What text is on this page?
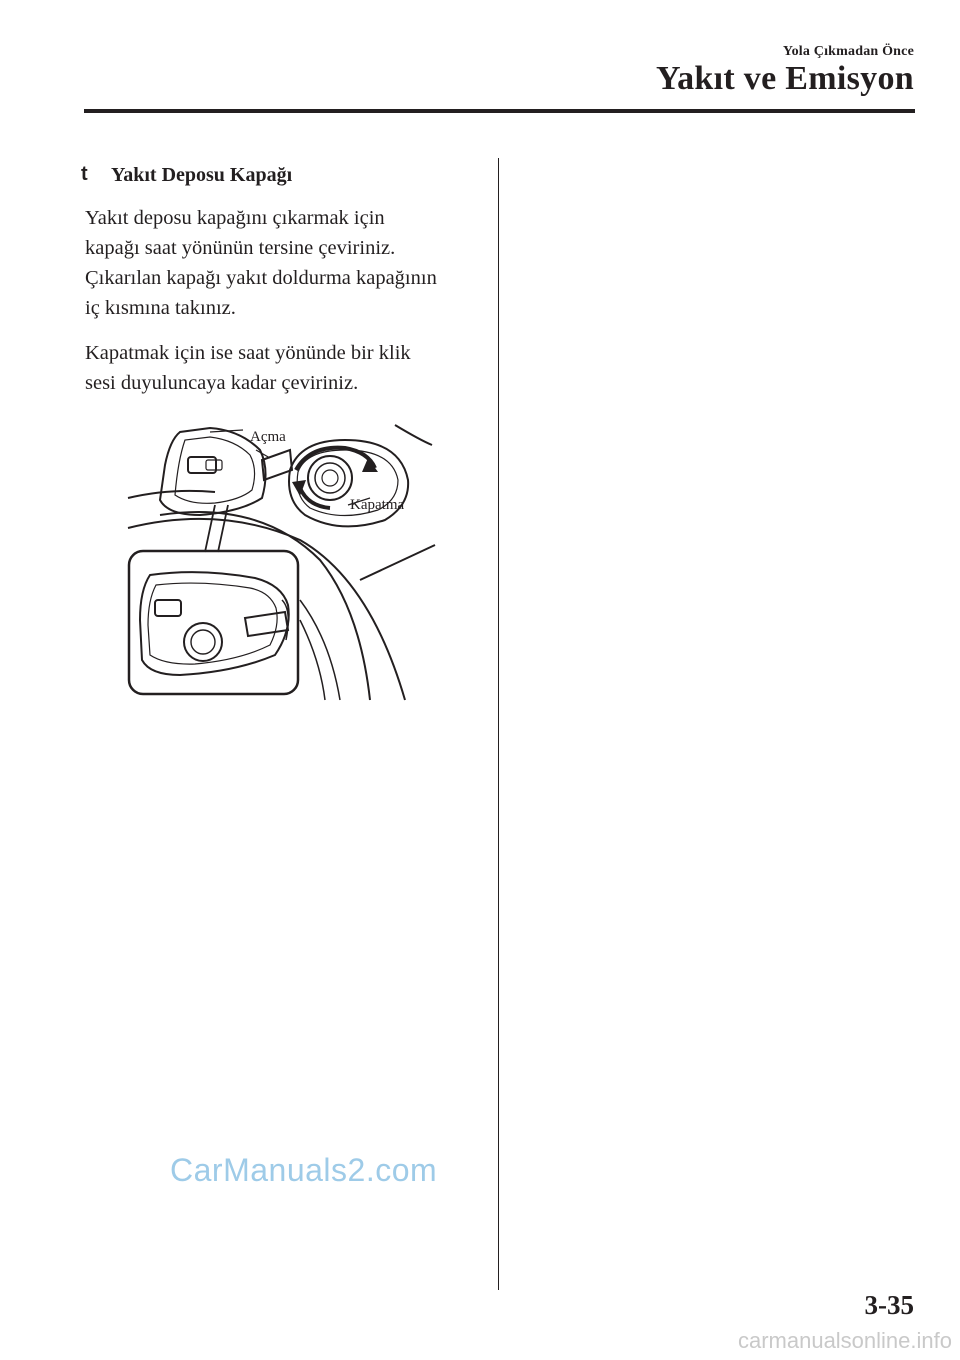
Yola Çıkmadan Önce
Yakıt ve Emisyon
t Yakıt Deposu Kapağı
Yakıt deposu kapağını çıkarmak için
kapağı saat yönünün tersine çeviriniz.
Çıkarılan kapağı yakıt doldurma kapağının
iç kısmına takınız.
Kapatmak için ise saat yönünde bir klik
sesi duyuluncaya kadar çeviriniz.
Açma
Kapatma
CarManuals2.com
3-35
carmanualsonline.info
